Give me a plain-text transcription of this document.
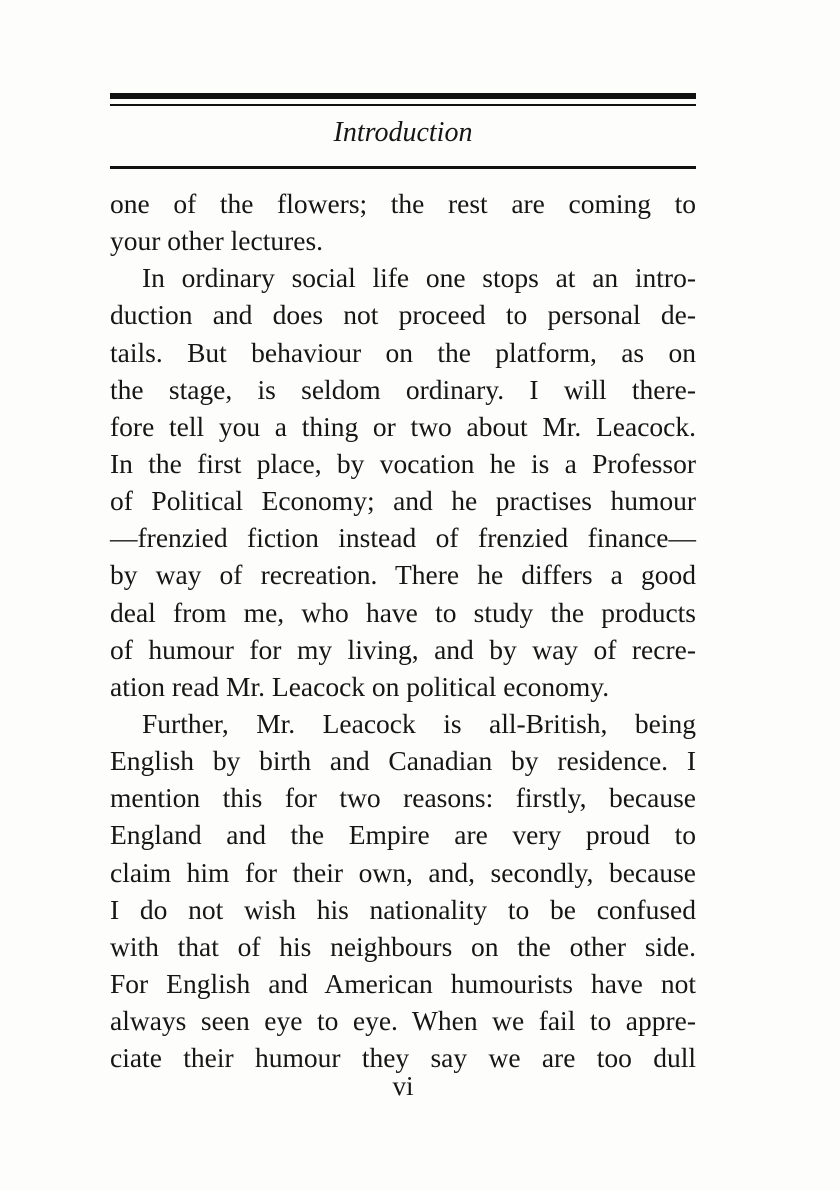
Introduction
one of the flowers; the rest are coming to
your other lectures.
In ordinary social life one stops at an intro-
duction and does not proceed to personal de-
tails. But behaviour on the platform, as on
the stage, is seldom ordinary. I will there-
fore tell you a thing or two about Mr. Leacock.
In the first place, by vocation he is a Professor
of Political Economy; and he practises humour
—frenzied fiction instead of frenzied finance—
by way of recreation. There he differs a good
deal from me, who have to study the products
of humour for my living, and by way of recre-
ation read Mr. Leacock on political economy.
Further, Mr. Leacock is all-British, being
English by birth and Canadian by residence. I
mention this for two reasons: firstly, because
England and the Empire are very proud to
claim him for their own, and, secondly, because
I do not wish his nationality to be confused
with that of his neighbours on the other side.
For English and American humourists have not
always seen eye to eye. When we fail to appre-
ciate their humour they say we are too dull
vi
